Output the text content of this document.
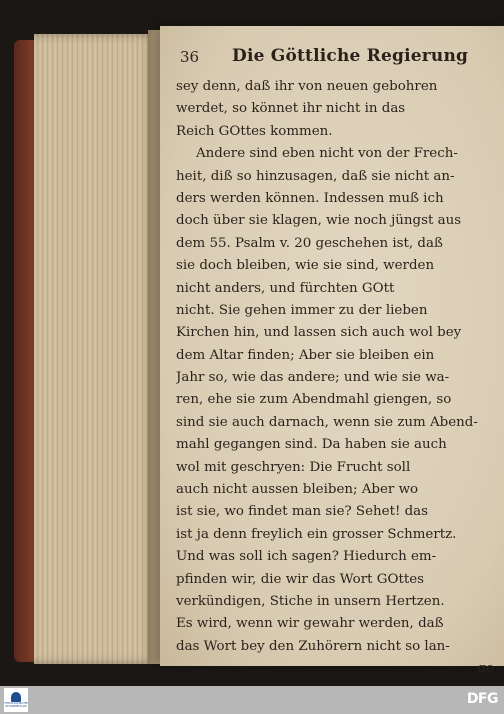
36 Die Göttliche Regierung
sey denn, daß ihr von neuen gebohren
werdet, so könnet ihr nicht in das
Reich GOttes kommen.
Andere sind eben nicht von der Frech-
heit, diß so hinzusagen, daß sie nicht an-
ders werden können. Indessen muß ich
doch über sie klagen, wie noch jüngst aus
dem 55. Psalm v. 20 geschehen ist, daß
sie doch bleiben, wie sie sind, werden
nicht anders, und fürchten GOtt
nicht. Sie gehen immer zu der lieben
Kirchen hin, und lassen sich auch wol bey
dem Altar finden; Aber sie bleiben ein
Jahr so, wie das andere; und wie sie wa-
ren, ehe sie zum Abendmahl giengen, so
sind sie auch darnach, wenn sie zum Abend-
mahl gegangen sind. Da haben sie auch
wol mit geschryen: Die Frucht soll
auch nicht aussen bleiben; Aber wo
ist sie, wo findet man sie? Sehet! das
ist ja denn freylich ein grosser Schmertz.
Und was soll ich sagen? Hiedurch em-
pfinden wir, die wir das Wort GOttes
verkündigen, Stiche in unsern Hertzen.
Es wird, wenn wir gewahr werden, daß
das Wort bey den Zuhörern nicht so lan-
ge
THEOLOGISCHE STUDIENHAUS	DFG
